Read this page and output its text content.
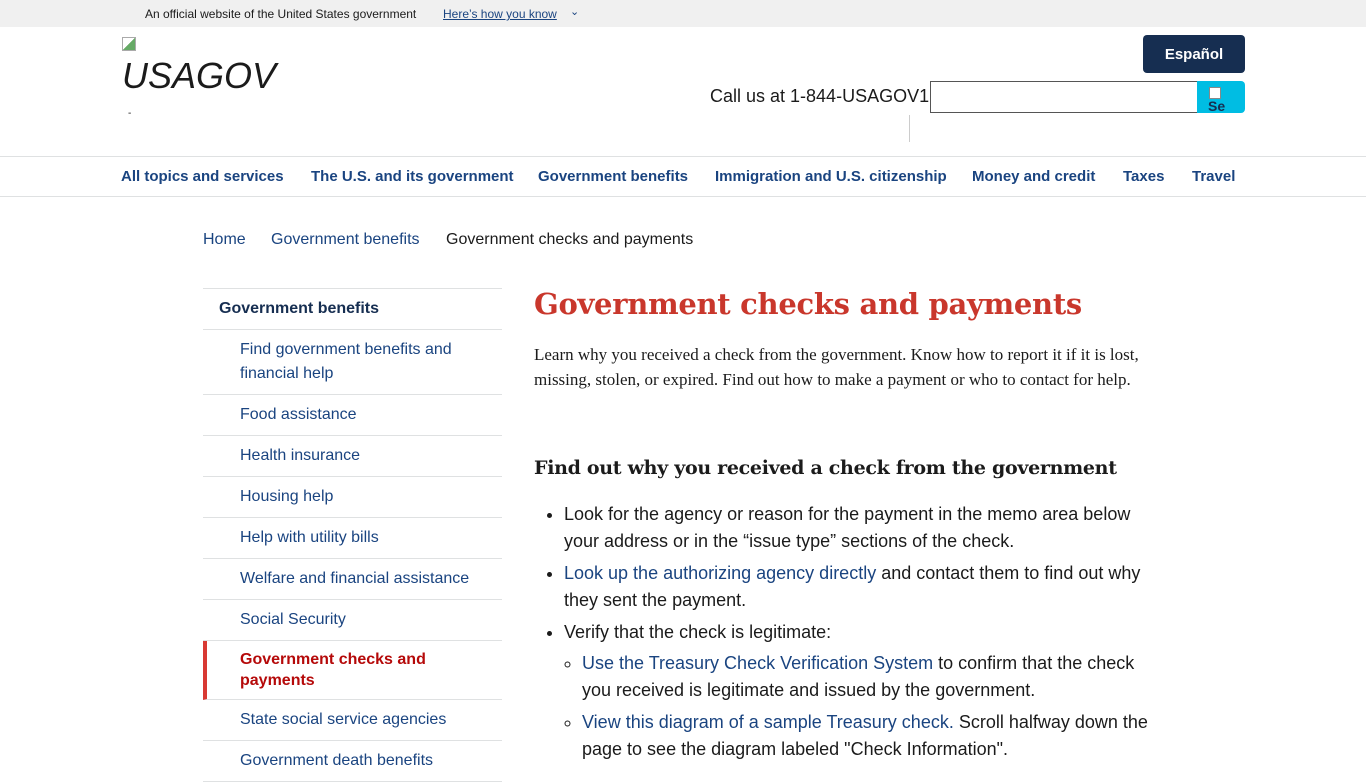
An official website of the United States government Here’s how you know ⌄
USAGOV
-
Español
Call us at 1-844-USAGOV1	Se
All topics and services The U.S. and its government Government benefits Immigration and U.S. citizenship Money and credit Taxes Travel
Home Government benefits Government checks and payments
Government benefits
Find government benefits and financial help
Food assistance
Health insurance
Housing help
Help with utility bills
Welfare and financial assistance
Social Security
Government checks and payments
State social service agencies
Government death benefits
Government checks and payments

Learn why you received a check from the government. Know how to report it if it is lost, missing, stolen, or expired. Find out how to make a payment or who to contact for help.

Find out why you received a check from the government
• Look for the agency or reason for the payment in the memo area below your address or in the “issue type” sections of the check.
• Look up the authorizing agency directly and contact them to find out why they sent the payment.
• Verify that the check is legitimate:
◦ Use the Treasury Check Verification System to confirm that the check you received is legitimate and issued by the government.
◦ View this diagram of a sample Treasury check. Scroll halfway down the page to see the diagram labeled "Check Information".
